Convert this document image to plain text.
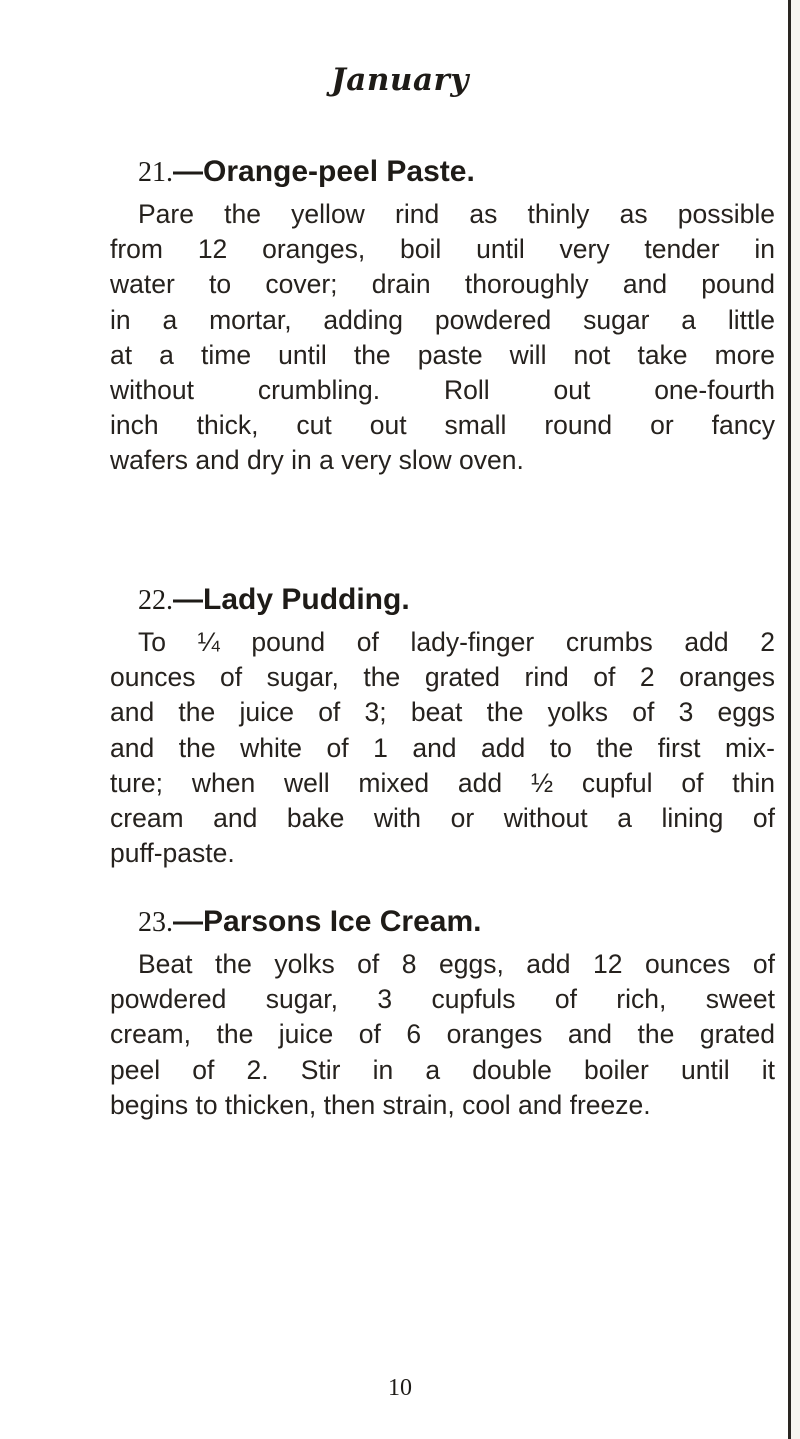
January
21.—Orange-peel Paste.
Pare the yellow rind as thinly as possible
from 12 oranges, boil until very tender in
water to cover; drain thoroughly and pound
in a mortar, adding powdered sugar a little
at a time until the paste will not take more
without crumbling. Roll out one-fourth
inch thick, cut out small round or fancy
wafers and dry in a very slow oven.
22.—Lady Pudding.
To ¼ pound of lady-finger crumbs add 2
ounces of sugar, the grated rind of 2 oranges
and the juice of 3; beat the yolks of 3 eggs
and the white of 1 and add to the first mix-
ture; when well mixed add ½ cupful of thin
cream and bake with or without a lining of
puff-paste.
23.—Parsons Ice Cream.
Beat the yolks of 8 eggs, add 12 ounces of
powdered sugar, 3 cupfuls of rich, sweet
cream, the juice of 6 oranges and the grated
peel of 2. Stir in a double boiler until it
begins to thicken, then strain, cool and freeze.
10
